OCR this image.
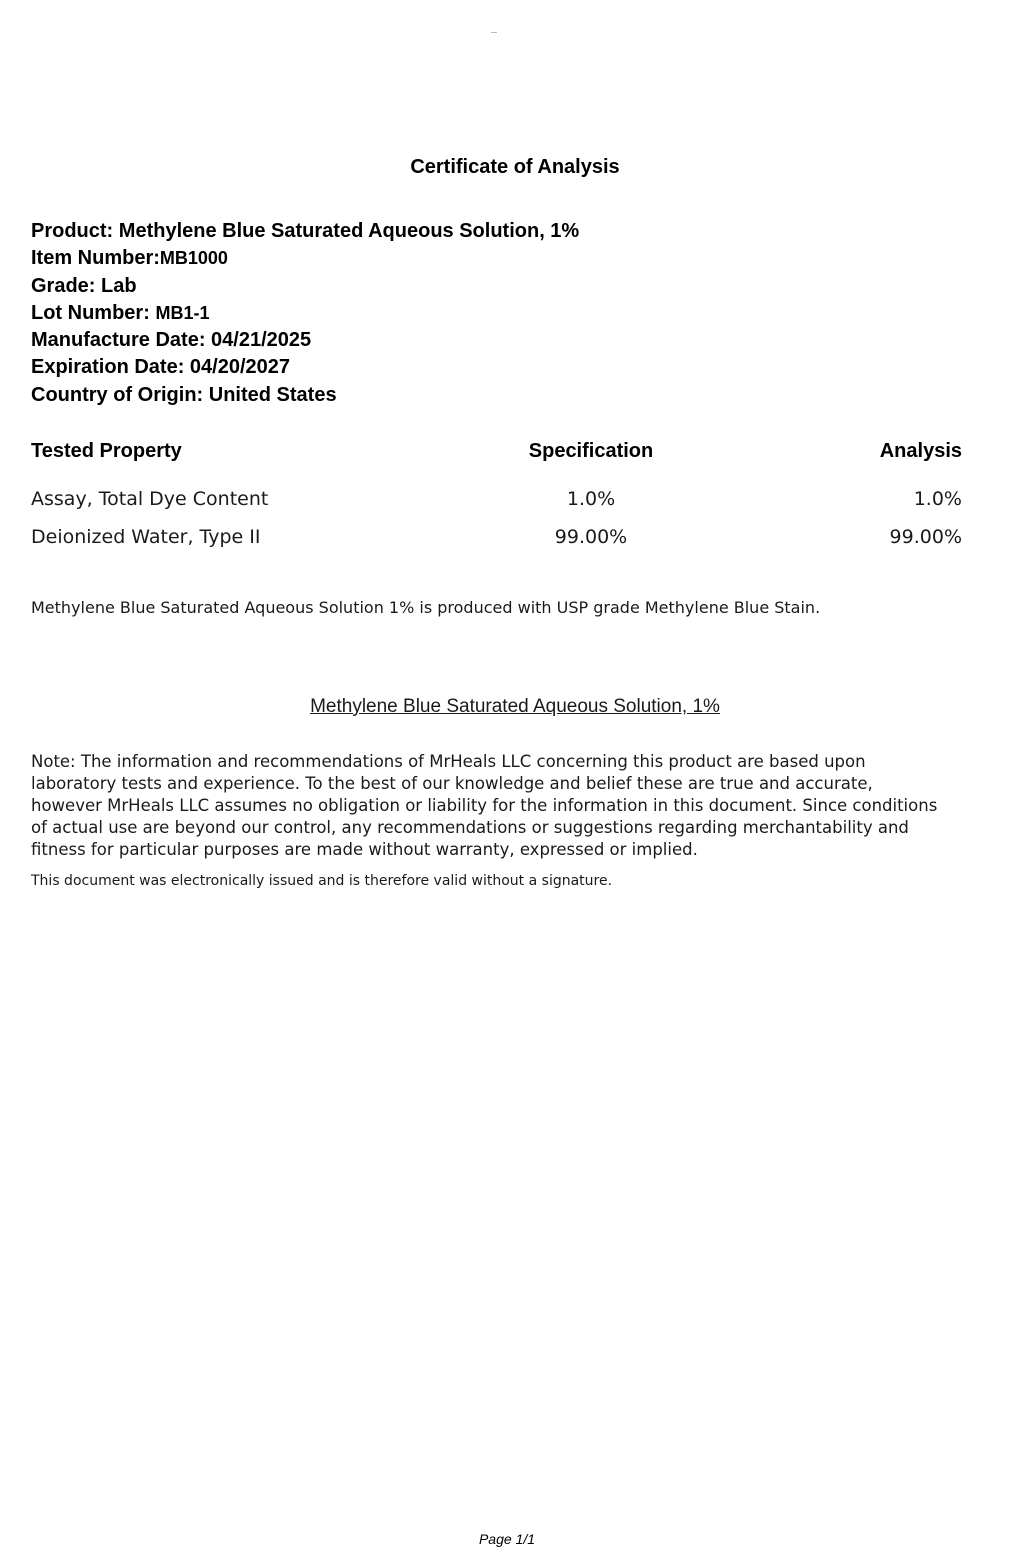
Certificate of Analysis
Product: Methylene Blue Saturated Aqueous Solution, 1%
Item Number:MB1000
Grade: Lab
Lot Number: MB1-1
Manufacture Date: 04/21/2025
Expiration Date: 04/20/2027
Country of Origin: United States
Tested Property	Specification	Analysis
Assay, Total Dye Content	1.0%	1.0%
Deionized Water, Type II	99.00%	99.00%
Methylene Blue Saturated Aqueous Solution 1% is produced with USP grade Methylene Blue Stain.
Methylene Blue Saturated Aqueous Solution, 1%
Note: The information and recommendations of MrHeals LLC concerning this product are based upon
laboratory tests and experience. To the best of our knowledge and belief these are true and accurate,
however MrHeals LLC assumes no obligation or liability for the information in this document. Since conditions
of actual use are beyond our control, any recommendations or suggestions regarding merchantability and
fitness for particular purposes are made without warranty, expressed or implied.
This document was electronically issued and is therefore valid without a signature.
Page 1/1
